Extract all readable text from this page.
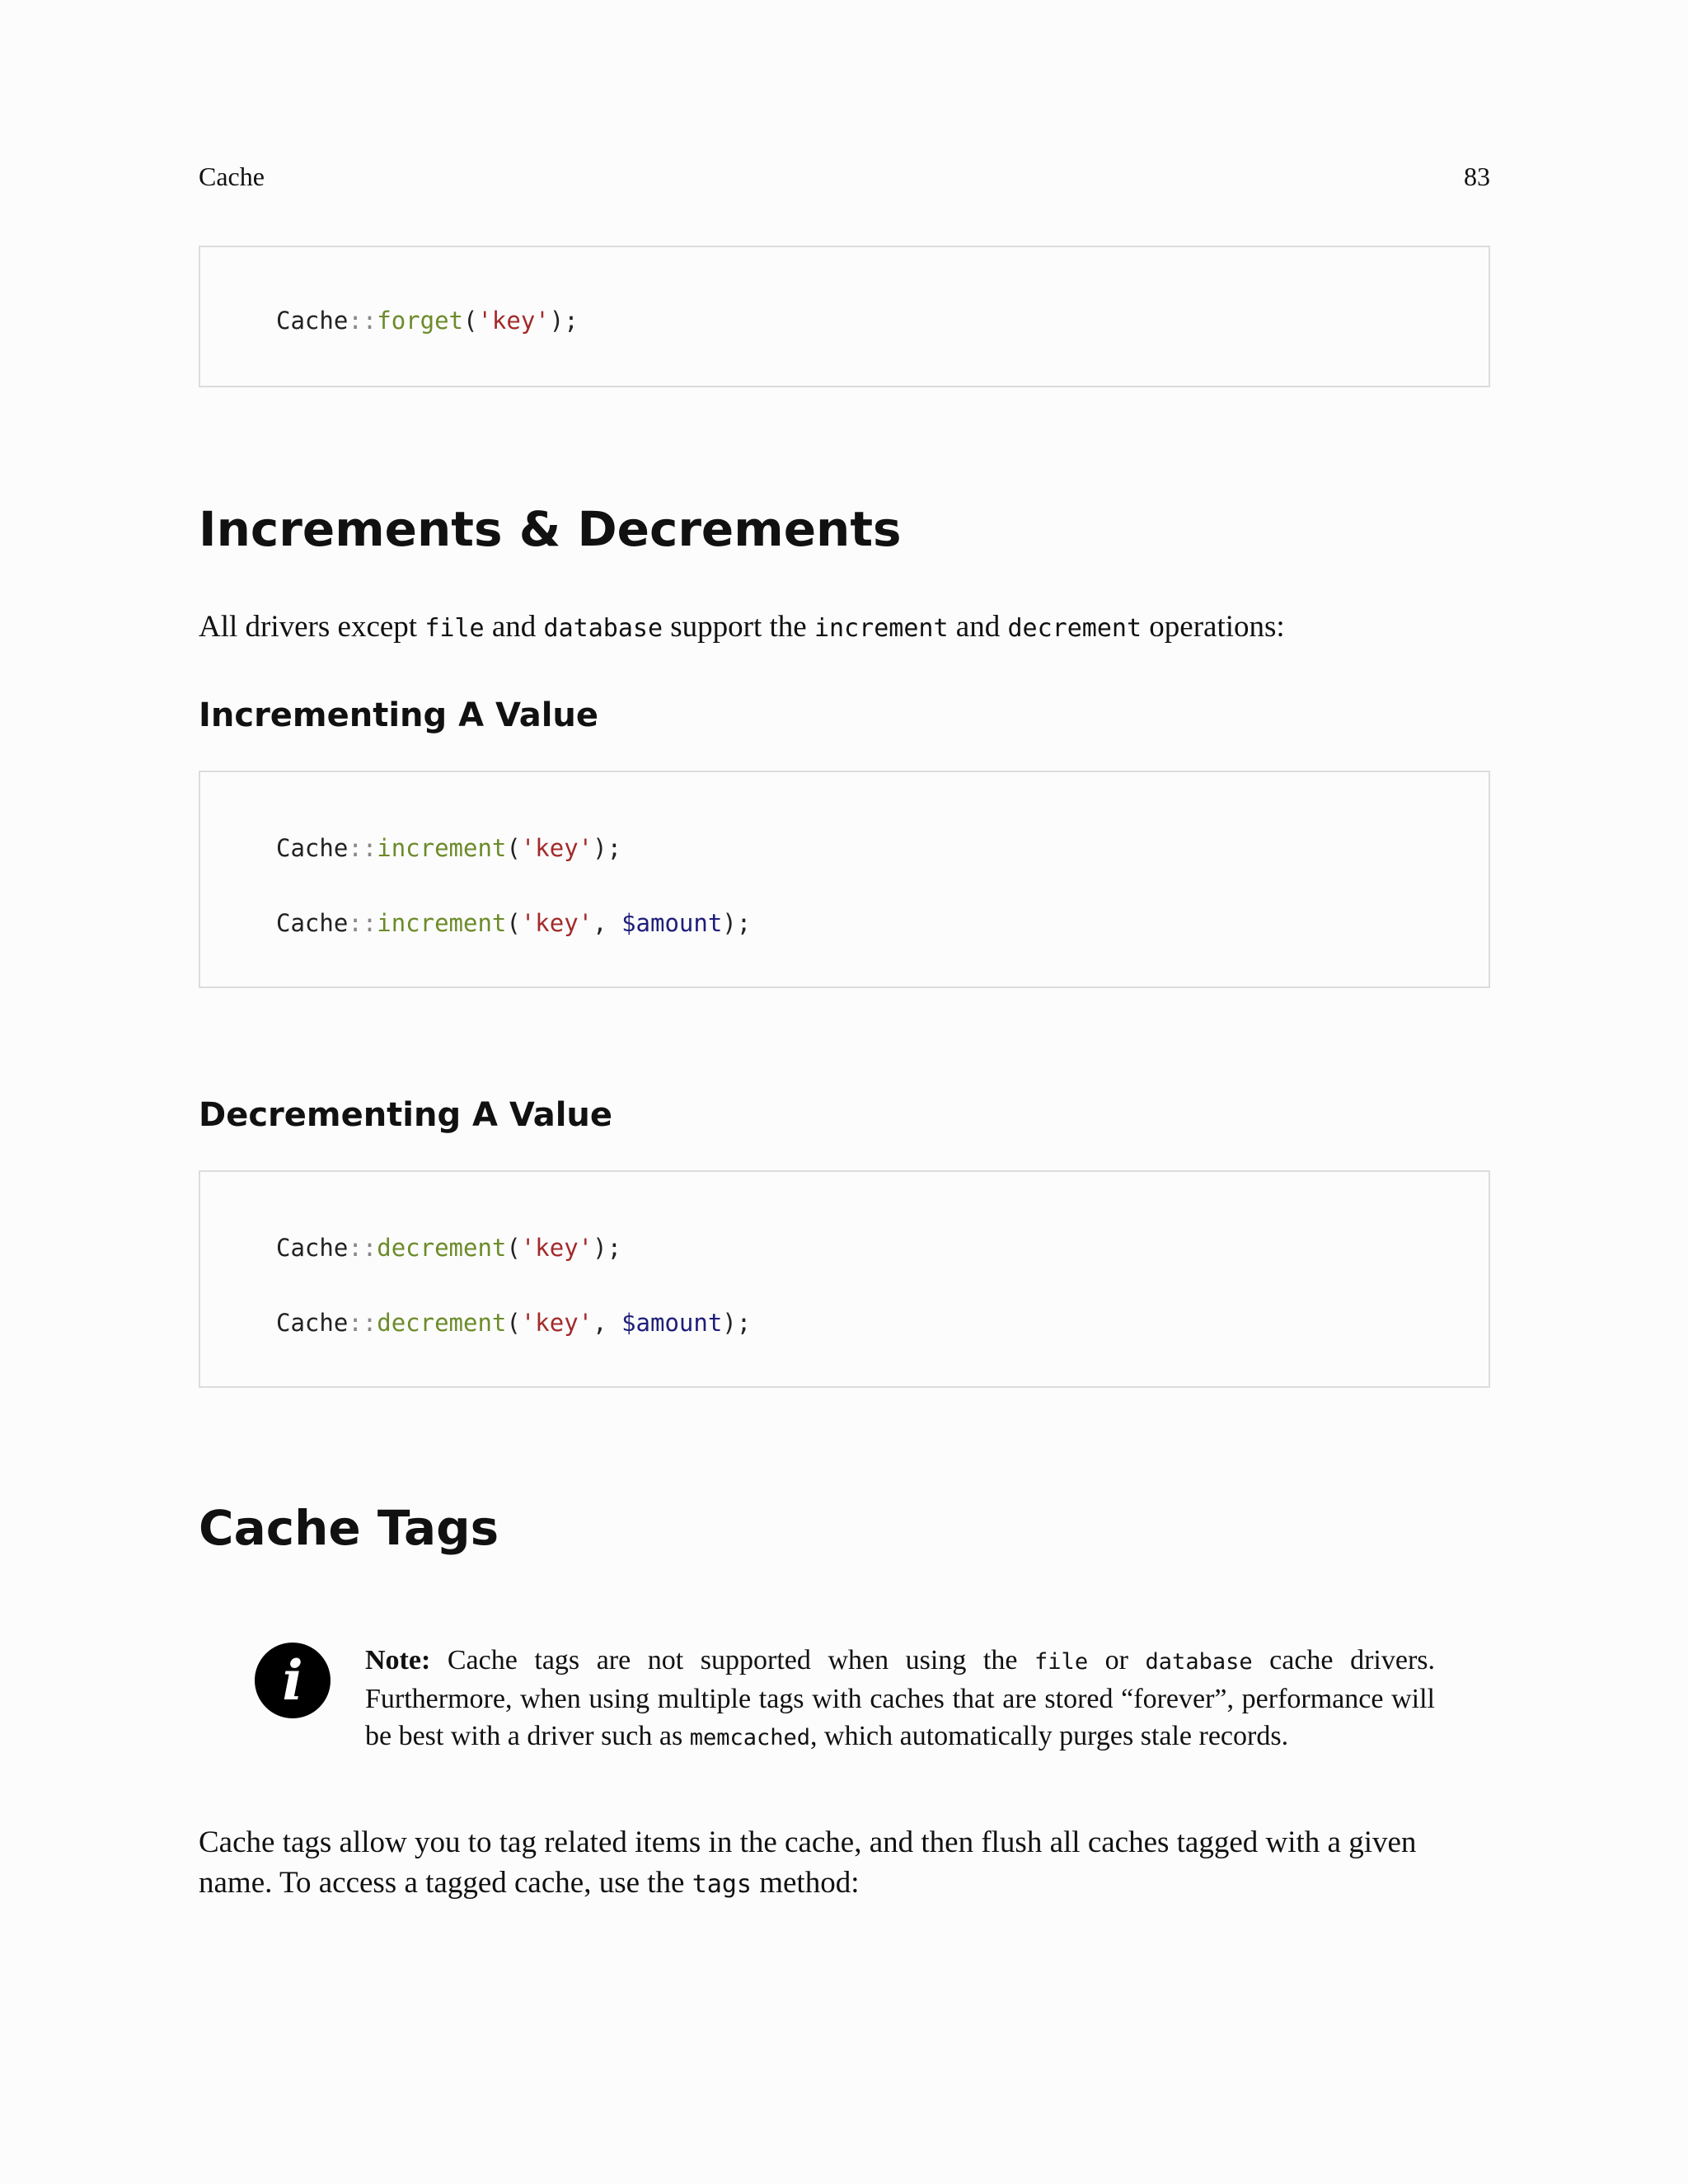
Cache	83
Cache::forget('key');
Increments & Decrements

All drivers except file and database support the increment and decrement operations:

Incrementing A Value
Cache::increment('key');
Cache::increment('key', $amount);
Decrementing A Value
Cache::decrement('key');
Cache::decrement('key', $amount);
Cache Tags
i	Note: Cache tags are not supported when using the file or database cache drivers. Furthermore, when using multiple tags with caches that are stored “forever”, performance will be best with a driver such as memcached, which automatically purges stale records.

Cache tags allow you to tag related items in the cache, and then flush all caches tagged with a given name. To access a tagged cache, use the tags method:
